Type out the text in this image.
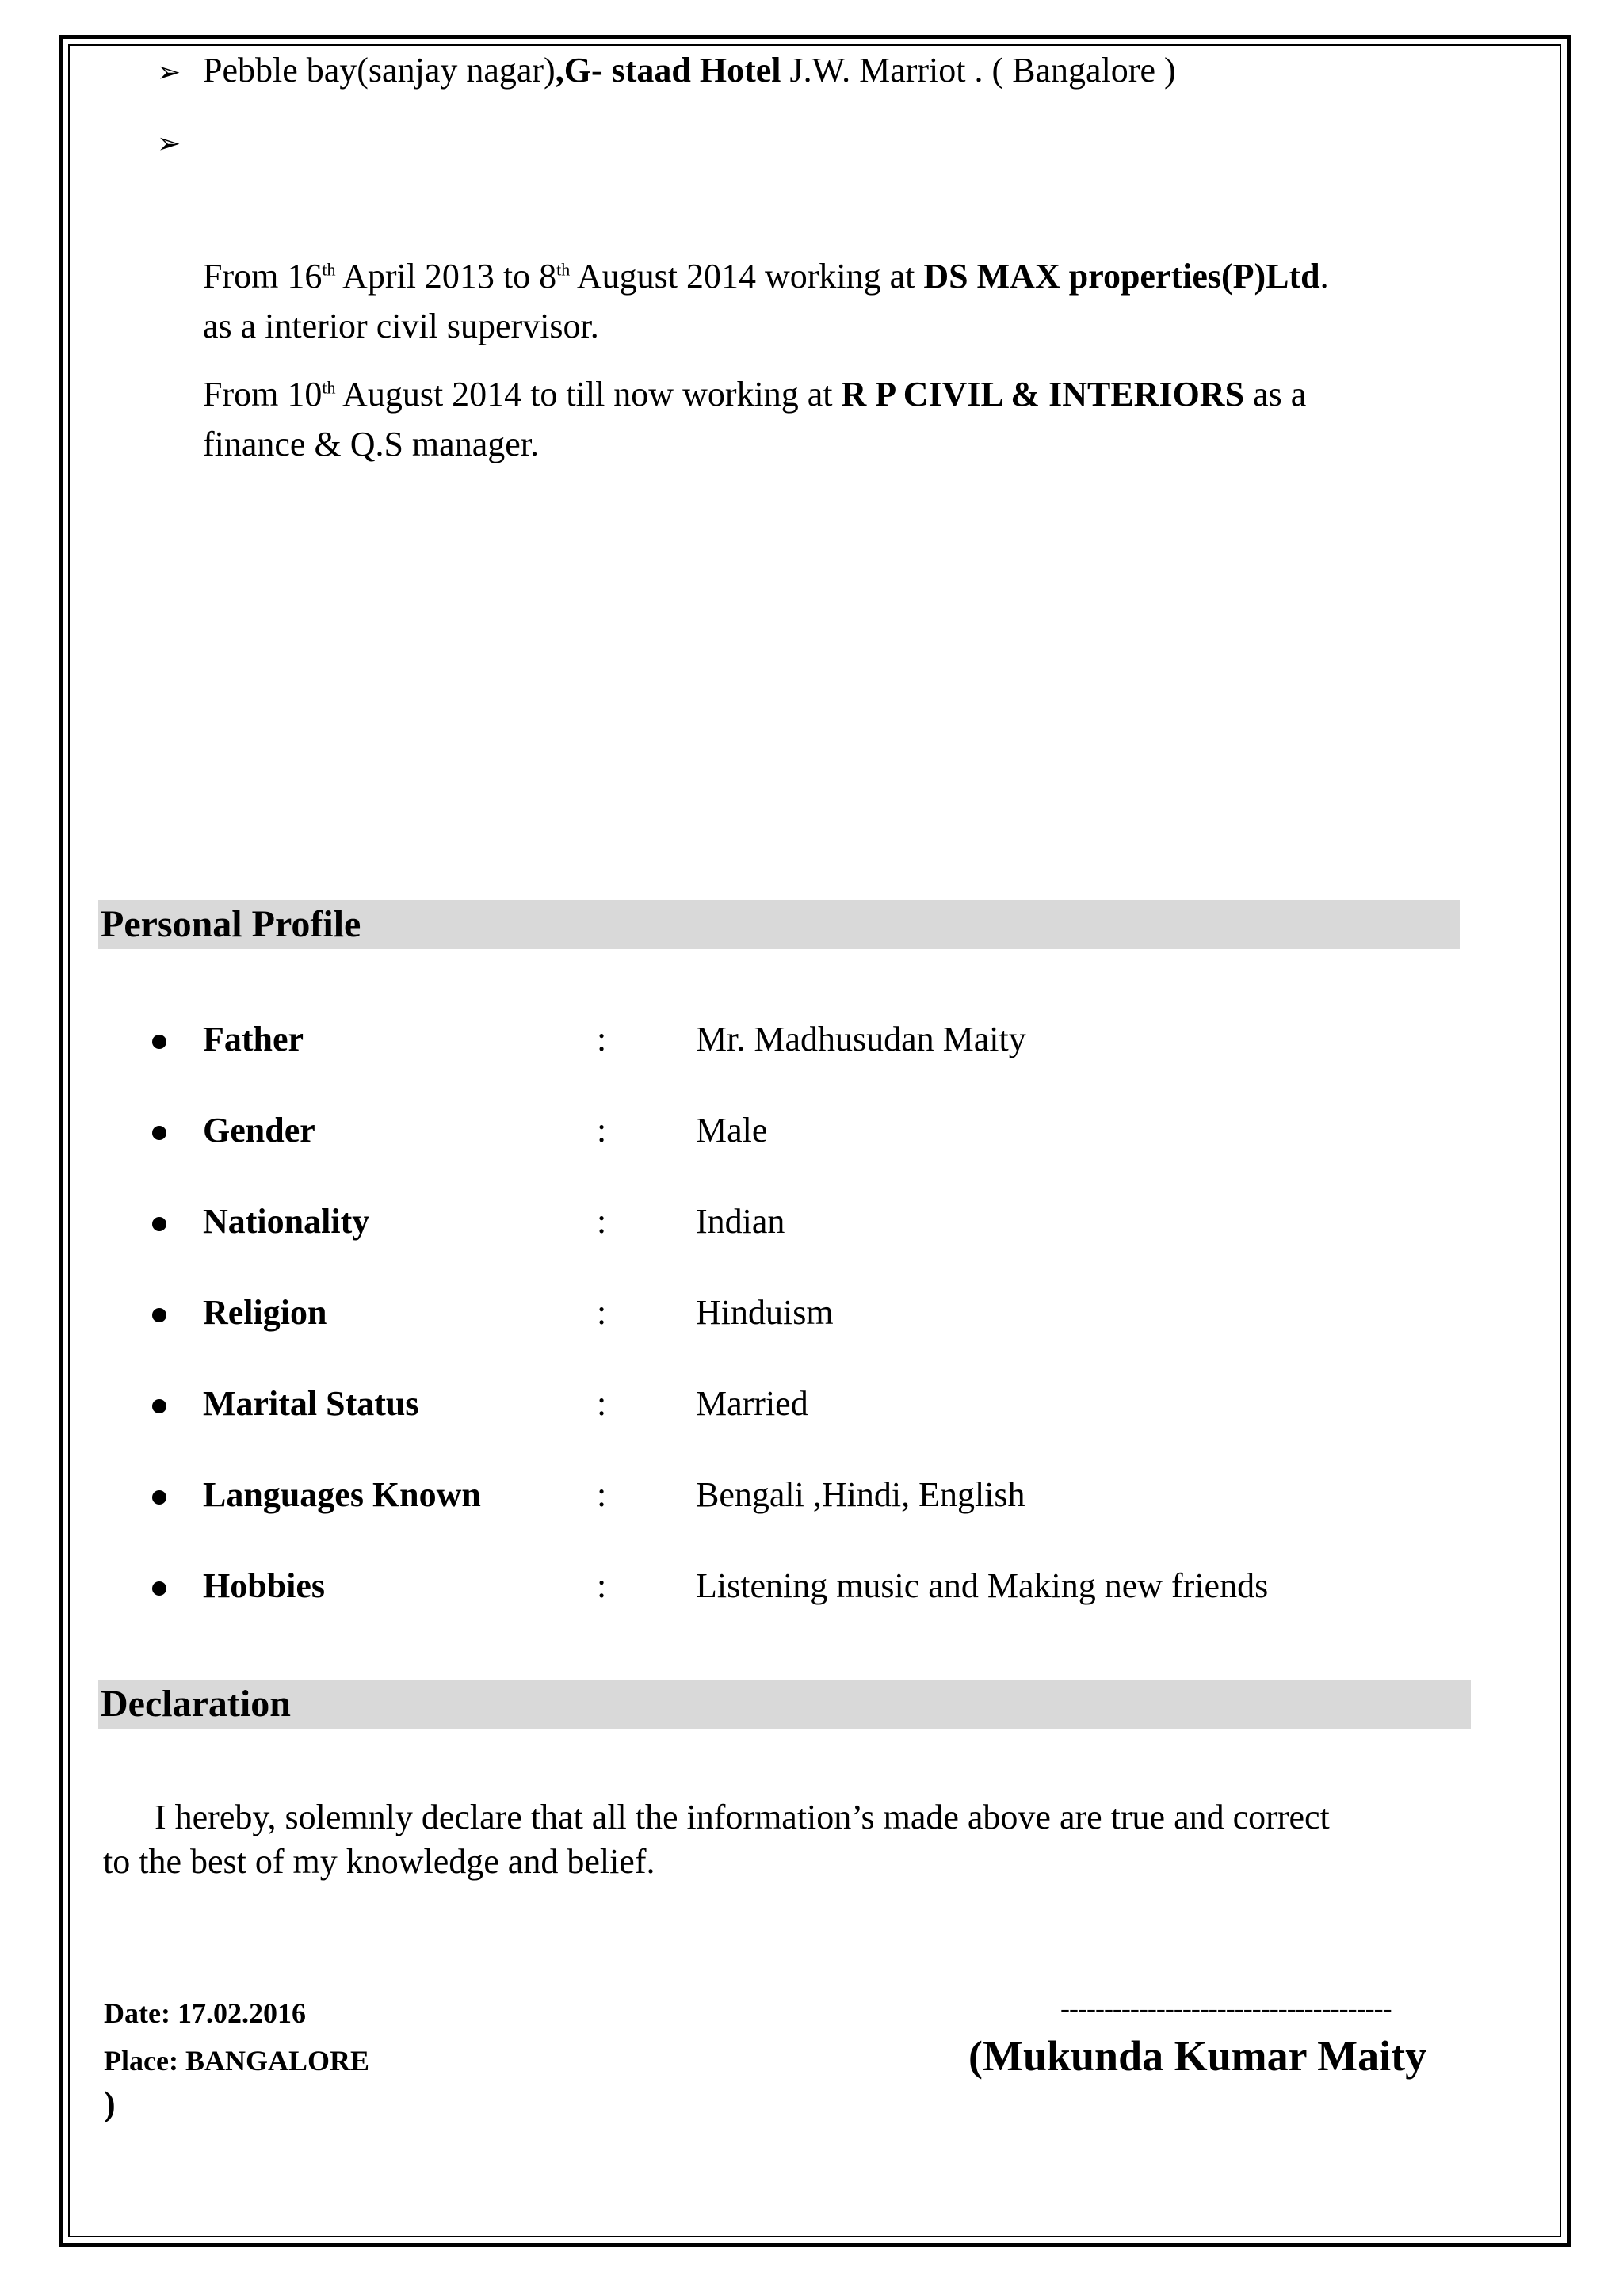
➢ Pebble bay(sanjay nagar),G- staad Hotel J.W. Marriot . ( Bangalore )
➢
From 16th April 2013 to 8th August 2014 working at DS MAX properties(P)Ltd.
as a interior civil supervisor.
From 10th August 2014 to till now working at R P CIVIL & INTERIORS as a
finance & Q.S manager.
Personal Profile
Father	:	Mr. Madhusudan Maity
Gender	:	Male
Nationality	:	Indian
Religion	:	Hinduism
Marital Status	:	Married
Languages Known	:	Bengali ,Hindi, English
Hobbies	:	Listening music and Making new friends
Declaration
I hereby, solemnly declare that all the information’s made above are true and correct
to the best of my knowledge and belief.
Date: 17.02.2016
Place: BANGALORE
)
--------------------------------------
(Mukunda Kumar Maity
